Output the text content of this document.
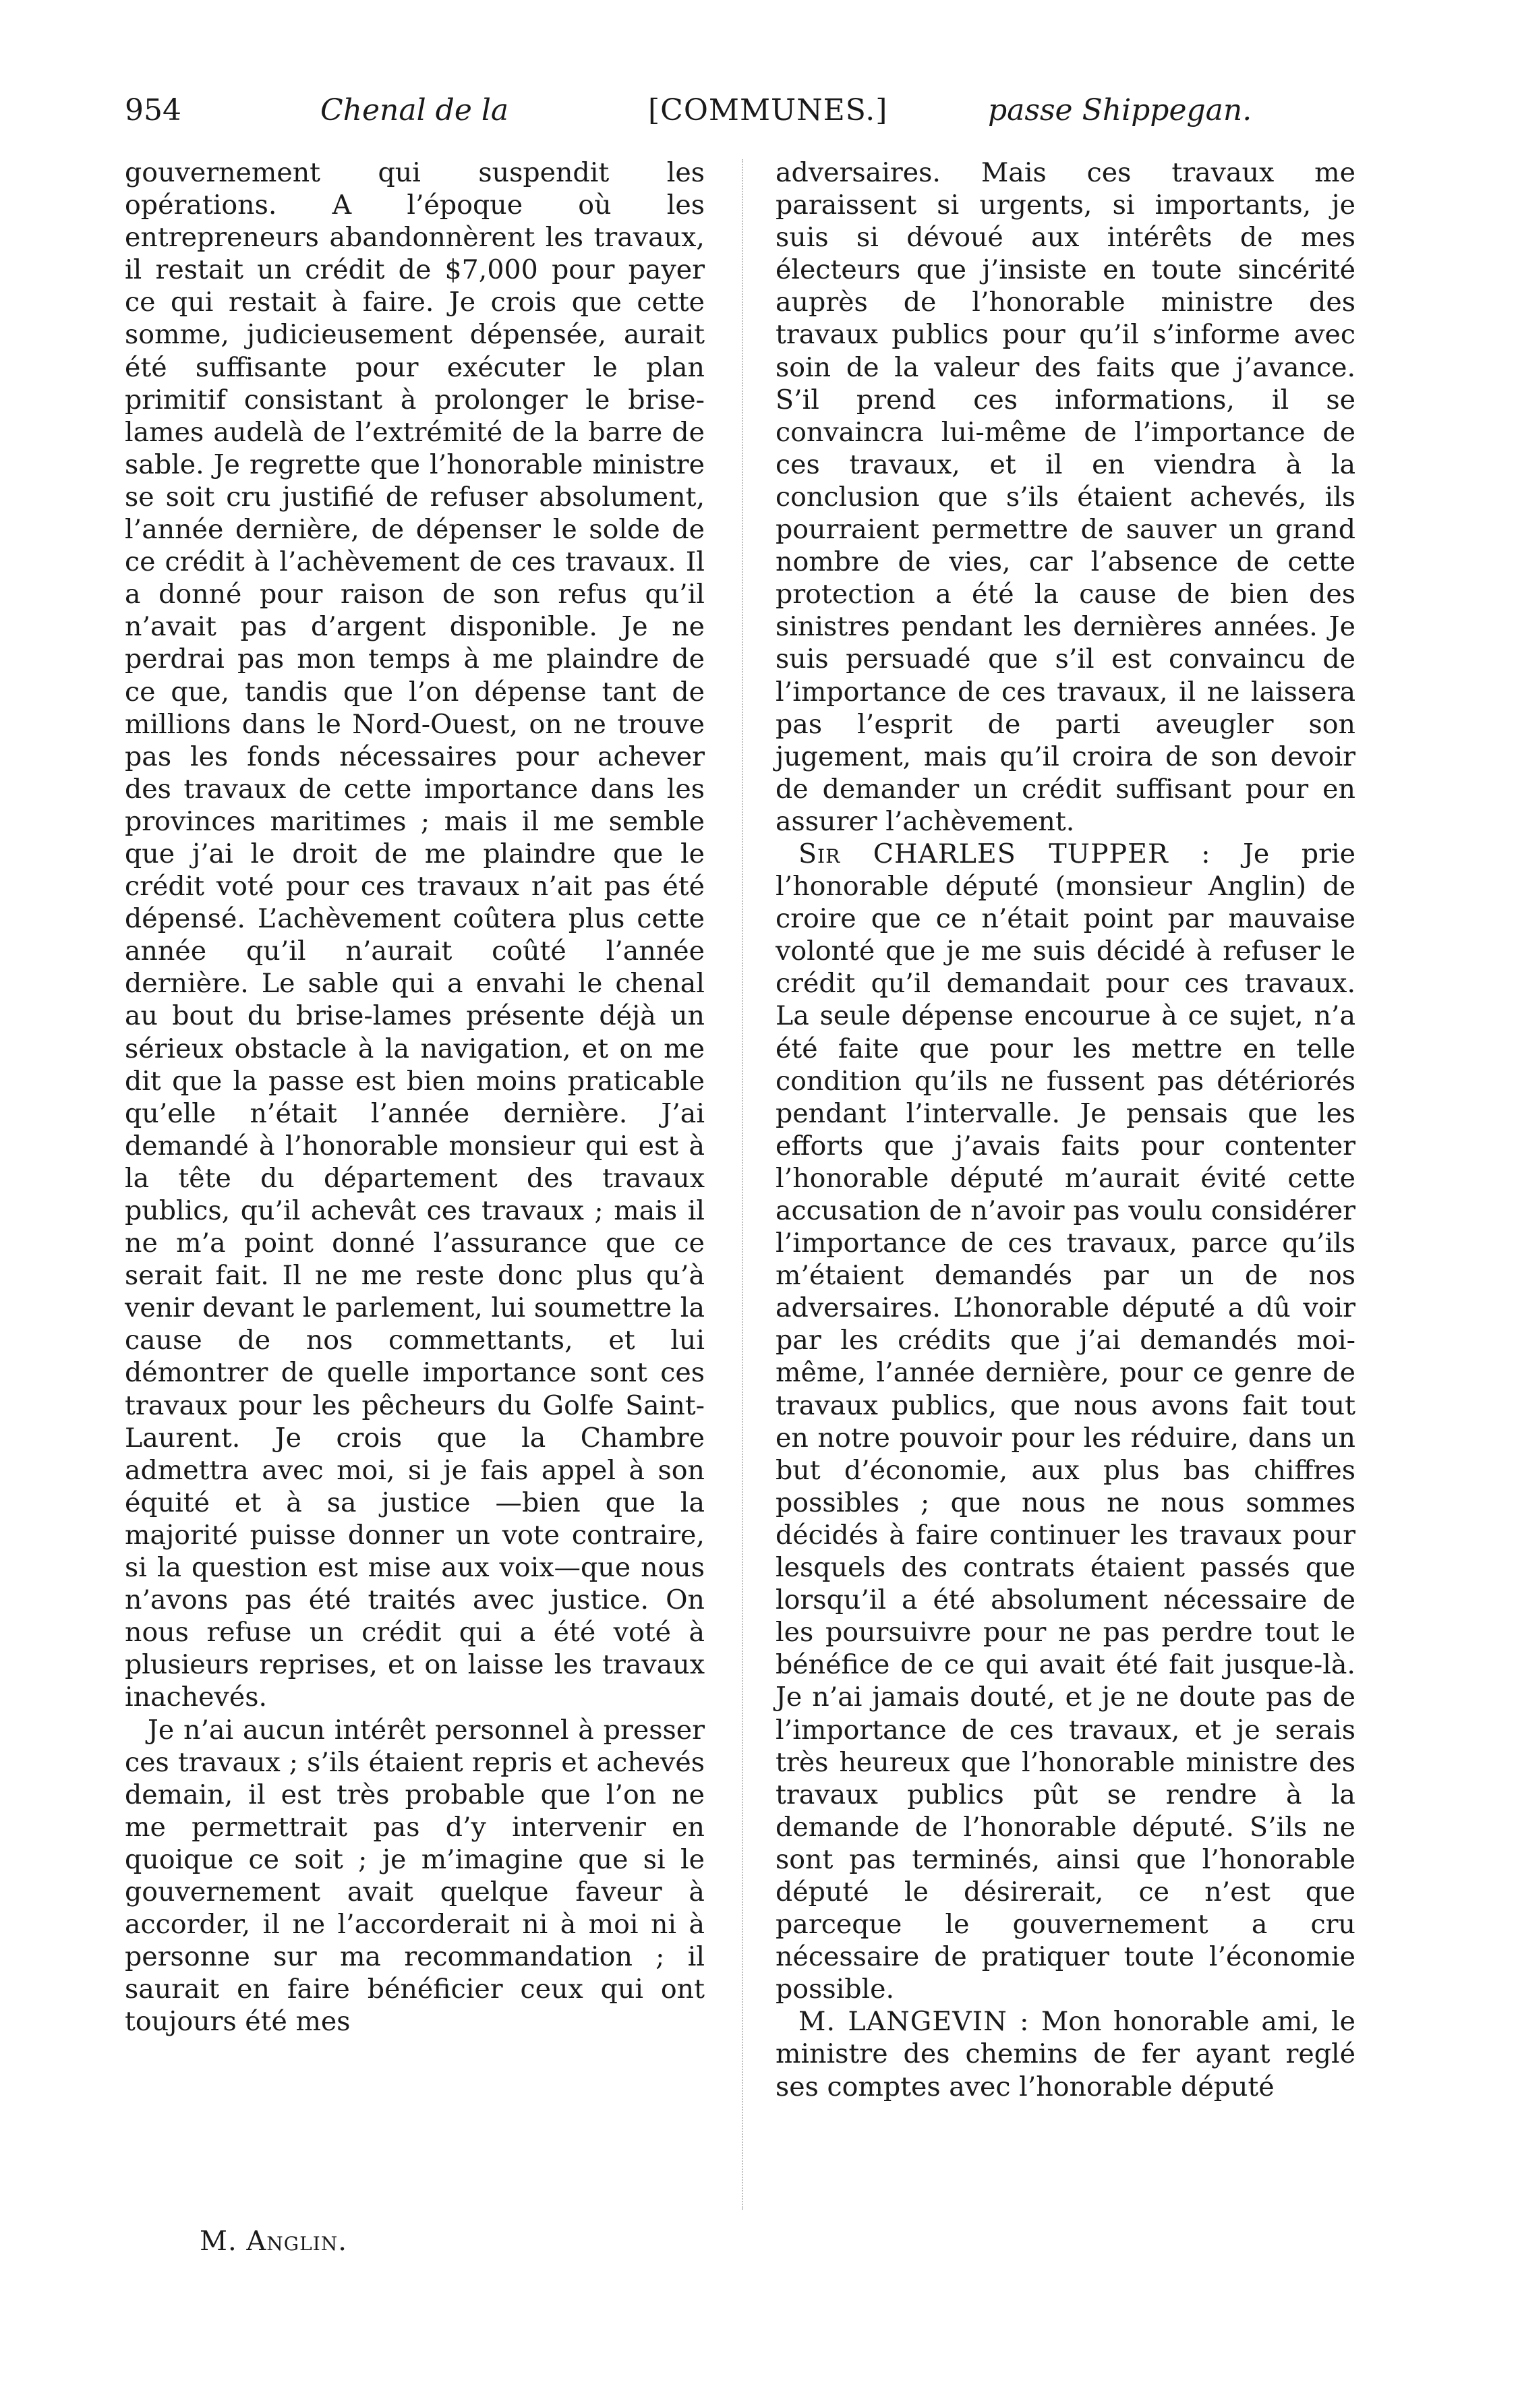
954	Chenal de la	[COMMUNES.]	passe Shippegan.

gouvernement qui suspendit les opérations. A l’époque où les entrepreneurs abandonnèrent les travaux, il restait un crédit de $7,000 pour payer ce qui restait à faire. Je crois que cette somme, judicieusement dépensée, aurait été suffisante pour exécuter le plan primitif consistant à prolonger le brise-lames audelà de l’extrémité de la barre de sable. Je regrette que l’honorable ministre se soit cru justifié de refuser absolument, l’année dernière, de dépenser le solde de ce crédit à l’achèvement de ces travaux. Il a donné pour raison de son refus qu’il n’avait pas d’argent disponible. Je ne perdrai pas mon temps à me plaindre de ce que, tandis que l’on dépense tant de millions dans le Nord-Ouest, on ne trouve pas les fonds nécessaires pour achever des travaux de cette importance dans les provinces maritimes ; mais il me semble que j’ai le droit de me plaindre que le crédit voté pour ces travaux n’ait pas été dépensé. L’achèvement coûtera plus cette année qu’il n’aurait coûté l’année dernière. Le sable qui a envahi le chenal au bout du brise-lames présente déjà un sérieux obstacle à la navigation, et on me dit que la passe est bien moins praticable qu’elle n’était l’année dernière. J’ai demandé à l’honorable monsieur qui est à la tête du département des travaux publics, qu’il achevât ces travaux ; mais il ne m’a point donné l’assurance que ce serait fait. Il ne me reste donc plus qu’à venir devant le parlement, lui soumettre la cause de nos commettants, et lui démontrer de quelle importance sont ces travaux pour les pêcheurs du Golfe Saint-Laurent. Je crois que la Chambre admettra avec moi, si je fais appel à son équité et à sa justice —bien que la majorité puisse donner un vote contraire, si la question est mise aux voix—que nous n’avons pas été traités avec justice. On nous refuse un crédit qui a été voté à plusieurs reprises, et on laisse les travaux inachevés.

Je n’ai aucun intérêt personnel à presser ces travaux ; s’ils étaient repris et achevés demain, il est très probable que l’on ne me permettrait pas d’y intervenir en quoique ce soit ; je m’imagine que si le gouvernement avait quelque faveur à accorder, il ne l’accorderait ni à moi ni à personne sur ma recommandation ; il saurait en faire bénéficier ceux qui ont toujours été mes

adversaires. Mais ces travaux me paraissent si urgents, si importants, je suis si dévoué aux intérêts de mes électeurs que j’insiste en toute sincérité auprès de l’honorable ministre des travaux publics pour qu’il s’informe avec soin de la valeur des faits que j’avance. S’il prend ces informations, il se convaincra lui-même de l’importance de ces travaux, et il en viendra à la conclusion que s’ils étaient achevés, ils pourraient permettre de sauver un grand nombre de vies, car l’absence de cette protection a été la cause de bien des sinistres pendant les dernières années. Je suis persuadé que s’il est convaincu de l’importance de ces travaux, il ne laissera pas l’esprit de parti aveugler son jugement, mais qu’il croira de son devoir de demander un crédit suffisant pour en assurer l’achèvement.

Sir CHARLES TUPPER : Je prie l’honorable député (monsieur Anglin) de croire que ce n’était point par mauvaise volonté que je me suis décidé à refuser le crédit qu’il demandait pour ces travaux. La seule dépense encourue à ce sujet, n’a été faite que pour les mettre en telle condition qu’ils ne fussent pas détériorés pendant l’intervalle. Je pensais que les efforts que j’avais faits pour contenter l’honorable député m’aurait évité cette accusation de n’avoir pas voulu considérer l’importance de ces travaux, parce qu’ils m’étaient demandés par un de nos adversaires. L’honorable député a dû voir par les crédits que j’ai demandés moi-même, l’année dernière, pour ce genre de travaux publics, que nous avons fait tout en notre pouvoir pour les réduire, dans un but d’économie, aux plus bas chiffres possibles ; que nous ne nous sommes décidés à faire continuer les travaux pour lesquels des contrats étaient passés que lorsqu’il a été absolument nécessaire de les poursuivre pour ne pas perdre tout le bénéfice de ce qui avait été fait jusque-là. Je n’ai jamais douté, et je ne doute pas de l’importance de ces travaux, et je serais très heureux que l’honorable ministre des travaux publics pût se rendre à la demande de l’honorable député. S’ils ne sont pas terminés, ainsi que l’honorable député le désirerait, ce n’est que parceque le gouvernement a cru nécessaire de pratiquer toute l’économie possible.

M. LANGEVIN : Mon honorable ami, le ministre des chemins de fer ayant reglé ses comptes avec l’honorable député

M. Anglin.
